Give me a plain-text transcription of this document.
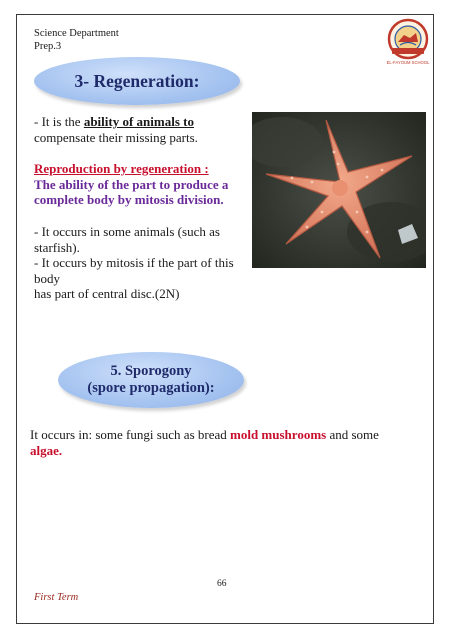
Science Department
Prep.3
EL-FAYOUM SCHOOL
3- Regeneration:
- It is the ability of animals to compensate their missing parts.
Reproduction by regeneration :
The ability of the part to produce a complete body by mitosis division.
- It occurs in some animals (such as starfish).
- It occurs by mitosis if the part of this
body
has part of central disc.(2N)
5. Sporogony
(spore propagation):
It occurs in: some fungi such as bread mold mushrooms and some algae.
66
First Term
